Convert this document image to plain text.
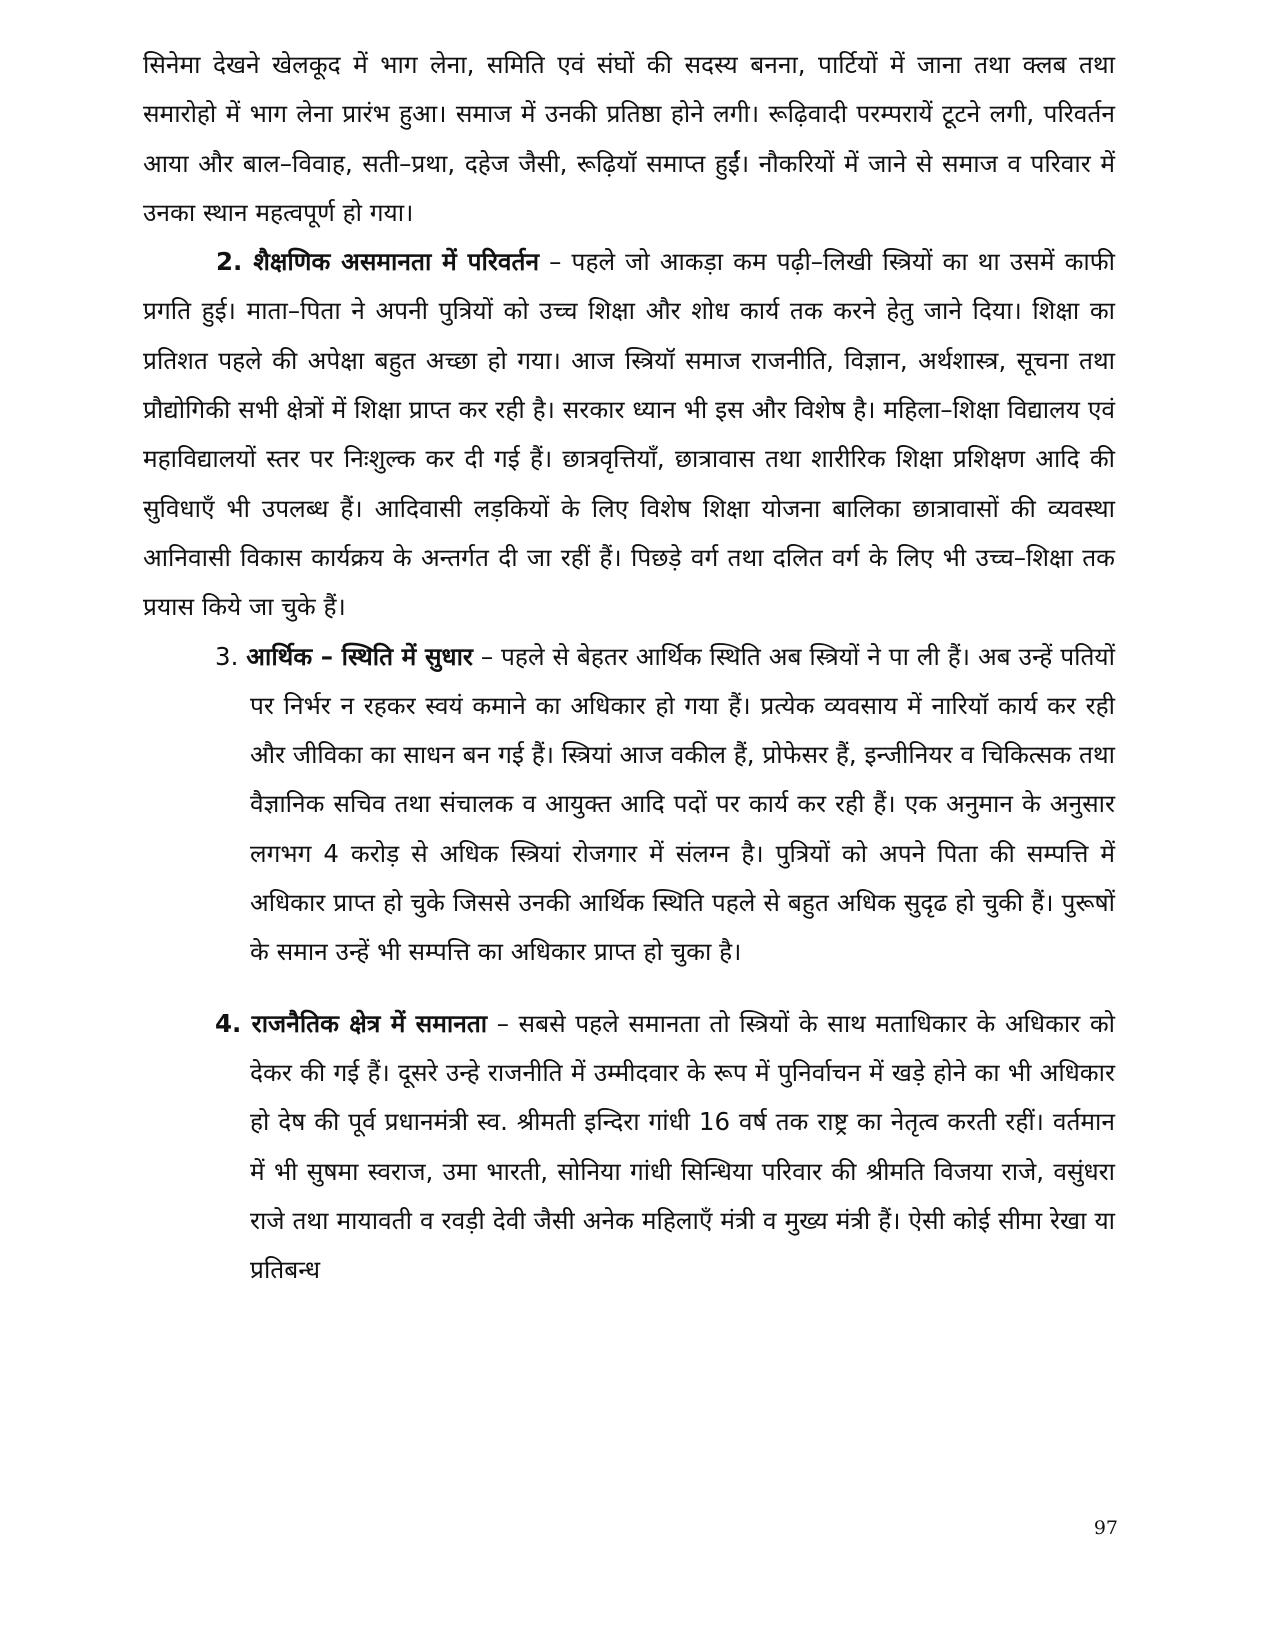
सिनेमा देखने खेलकूद में भाग लेना, समिति एवं संघों की सदस्य बनना, पार्टियों में जाना तथा क्लब तथा समारोहो में भाग लेना प्रारंभ हुआ। समाज में उनकी प्रतिष्ठा होने लगी। रूढ़िवादी परम्परायें टूटने लगी, परिवर्तन आया और बाल–विवाह, सती–प्रथा, दहेज जैसी, रूढ़ियॉ समाप्त हुईं। नौकरियों में जाने से समाज व परिवार में उनका स्थान महत्वपूर्ण हो गया।

2. शैक्षणिक असमानता में परिवर्तन – पहले जो आकड़ा कम पढ़ी–लिखी स्त्रियों का था उसमें काफी प्रगति हुई। माता–पिता ने अपनी पुत्रियों को उच्च शिक्षा और शोध कार्य तक करने हेतु जाने दिया। शिक्षा का प्रतिशत पहले की अपेक्षा बहुत अच्छा हो गया। आज स्त्रियॉ समाज राजनीति, विज्ञान, अर्थशास्त्र, सूचना तथा प्रौद्योगिकी सभी क्षेत्रों में शिक्षा प्राप्त कर रही है। सरकार ध्यान भी इस और विशेष है। महिला–शिक्षा विद्यालय एवं महाविद्यालयों स्तर पर निःशुल्क कर दी गई हैं। छात्रवृत्तियाँ, छात्रावास तथा शारीरिक शिक्षा प्रशिक्षण आदि की सुविधाएँ भी उपलब्ध हैं। आदिवासी लड़कियों के लिए विशेष शिक्षा योजना बालिका छात्रावासों की व्यवस्था आनिवासी विकास कार्यक्रय के अन्तर्गत दी जा रहीं हैं। पिछड़े वर्ग तथा दलित वर्ग के लिए भी उच्च–शिक्षा तक प्रयास किये जा चुके हैं।

3. आर्थिक – स्थिति में सुधार – पहले से बेहतर आर्थिक स्थिति अब स्त्रियों ने पा ली हैं। अब उन्हें पतियों पर निर्भर न रहकर स्वयं कमाने का अधिकार हो गया हैं। प्रत्येक व्यवसाय में नारियॉ कार्य कर रही और जीविका का साधन बन गई हैं। स्त्रियां आज वकील हैं, प्रोफेसर हैं, इन्जीनियर व चिकित्सक तथा वैज्ञानिक सचिव तथा संचालक व आयुक्त आदि पदों पर कार्य कर रही हैं। एक अनुमान के अनुसार लगभग 4 करोड़ से अधिक स्त्रियां रोजगार में संलग्न है। पुत्रियों को अपने पिता की सम्पत्ति में अधिकार प्राप्त हो चुके जिससे उनकी आर्थिक स्थिति पहले से बहुत अधिक सुदृढ हो चुकी हैं। पुरूषों के समान उन्हें भी सम्पत्ति का अधिकार प्राप्त हो चुका है।

4. राजनैतिक क्षेत्र में समानता – सबसे पहले समानता तो स्त्रियों के साथ मताधिकार के अधिकार को देकर की गई हैं। दूसरे उन्हे राजनीति में उम्मीदवार के रूप में पुनिर्वाचन में खड़े होने का भी अधिकार हो देष की पूर्व प्रधानमंत्री स्व. श्रीमती इन्दिरा गांधी 16 वर्ष तक राष्ट्र का नेतृत्व करती रहीं। वर्तमान में भी सुषमा स्वराज, उमा भारती, सोनिया गांधी सिन्धिया परिवार की श्रीमति विजया राजे, वसुंधरा राजे तथा मायावती व रवड़ी देवी जैसी अनेक महिलाएँ मंत्री व मुख्य मंत्री हैं। ऐसी कोई सीमा रेखा या प्रतिबन्ध

97
